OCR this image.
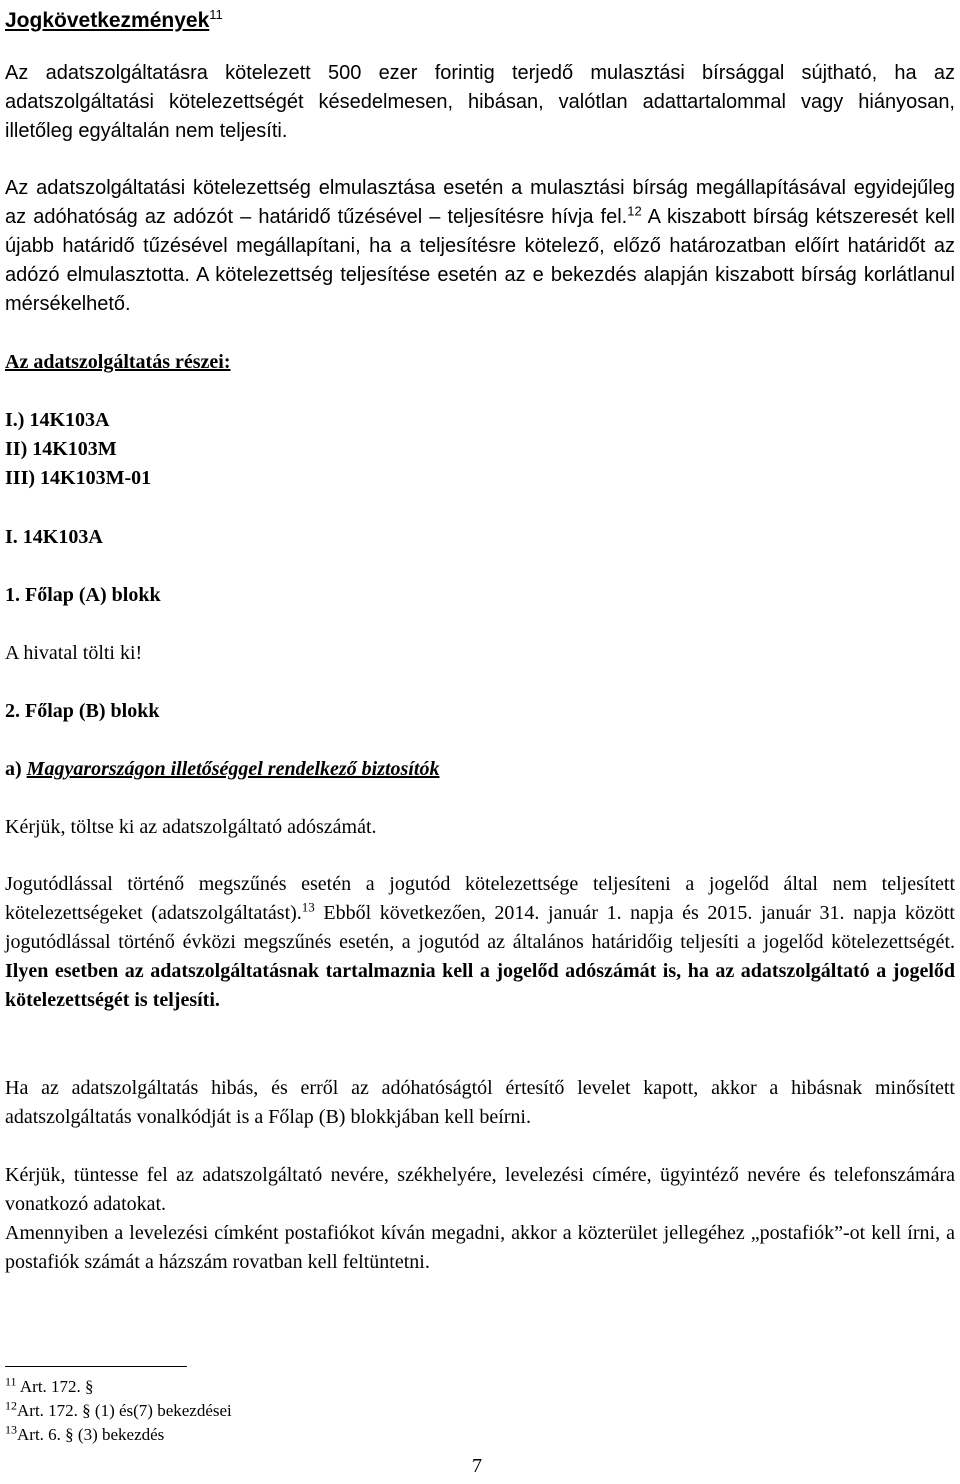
Jogkövetkezmények$^{11}$

Az adatszolgáltatásra kötelezett 500 ezer forintig terjedő mulasztási bírsággal sújtható, ha az adatszolgáltatási kötelezettségét késedelmesen, hibásan, valótlan adattartalommal vagy hiányosan, illetőleg egyáltalán nem teljesíti.

Az adatszolgáltatási kötelezettség elmulasztása esetén a mulasztási bírság megállapításával egyidejűleg az adóhatóság az adózót – határidő tűzésével – teljesítésre hívja fel.$^{12}$ A kiszabott bírság kétszeresét kell újabb határidő tűzésével megállapítani, ha a teljesítésre kötelező, előző határozatban előírt határidőt az adózó elmulasztotta. A kötelezettség teljesítése esetén az e bekezdés alapján kiszabott bírság korlátlanul mérsékelhető.

Az adatszolgáltatás részei:

I.) 14K103A

II) 14K103M

III) 14K103M-01

I. 14K103A

1. Főlap (A) blokk

A hivatal tölti ki!

2. Főlap (B) blokk

a) Magyarországon illetőséggel rendelkező biztosítók

Kérjük, töltse ki az adatszolgáltató adószámát.

Jogutódlással történő megszűnés esetén a jogutód kötelezettsége teljesíteni a jogelőd által nem teljesített kötelezettségeket (adatszolgáltatást).$^{13}$ Ebből következően, 2014. január 1. napja és 2015. január 31. napja között jogutódlással történő évközi megszűnés esetén, a jogutód az általános határidőig teljesíti a jogelőd kötelezettségét. Ilyen esetben az adatszolgáltatásnak tartalmaznia kell a jogelőd adószámát is, ha az adatszolgáltató a jogelőd kötelezettségét is teljesíti.

Ha az adatszolgáltatás hibás, és erről az adóhatóságtól értesítő levelet kapott, akkor a hibásnak minősített adatszolgáltatás vonalkódját is a Főlap (B) blokkjában kell beírni.

Kérjük, tüntesse fel az adatszolgáltató nevére, székhelyére, levelezési címére, ügyintéző nevére és telefonszámára vonatkozó adatokat.

Amennyiben a levelezési címként postafiókot kíván megadni, akkor a közterület jellegéhez „postafiók”-ot kell írni, a postafiók számát a házszám rovatban kell feltüntetni.

$^{11}$ Art. 172. §

$^{12}$Art. 172. § (1) és(7) bekezdései

$^{13}$Art. 6. § (3) bekezdés

7
